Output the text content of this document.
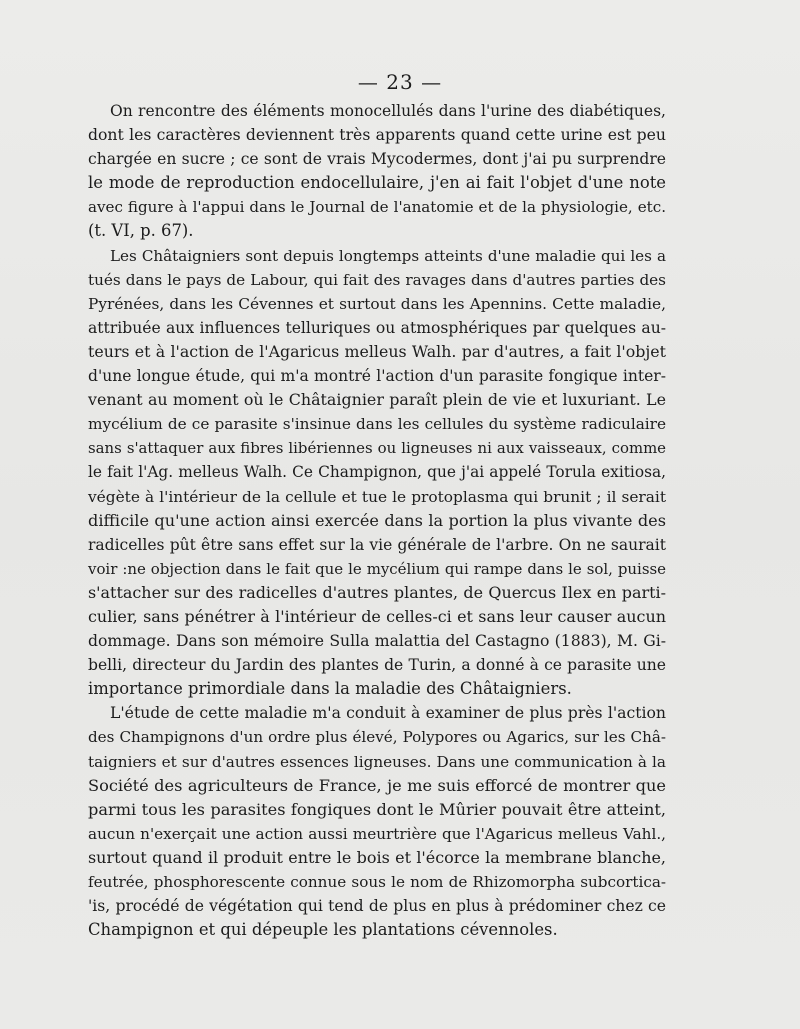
— 23 —
On rencontre des éléments monocellulés dans l'urine des diabétiques,
dont les caractères deviennent très apparents quand cette urine est peu
chargée en sucre ; ce sont de vrais Mycodermes, dont j'ai pu surprendre
le mode de reproduction endocellulaire, j'en ai fait l'objet d'une note
avec figure à l'appui dans le Journal de l'anatomie et de la physiologie, etc.
(t. VI, p. 67).
Les Châtaigniers sont depuis longtemps atteints d'une maladie qui les a
tués dans le pays de Labour, qui fait des ravages dans d'autres parties des
Pyrénées, dans les Cévennes et surtout dans les Apennins. Cette maladie,
attribuée aux influences telluriques ou atmosphériques par quelques au-
teurs et à l'action de l'Agaricus melleus Walh. par d'autres, a fait l'objet
d'une longue étude, qui m'a montré l'action d'un parasite fongique inter-
venant au moment où le Châtaignier paraît plein de vie et luxuriant. Le
mycélium de ce parasite s'insinue dans les cellules du système radiculaire
sans s'attaquer aux fibres libériennes ou ligneuses ni aux vaisseaux, comme
le fait l'Ag. melleus Walh. Ce Champignon, que j'ai appelé Torula exitiosa,
végète à l'intérieur de la cellule et tue le protoplasma qui brunit ; il serait
difficile qu'une action ainsi exercée dans la portion la plus vivante des
radicelles pût être sans effet sur la vie générale de l'arbre. On ne saurait
voir :ne objection dans le fait que le mycélium qui rampe dans le sol, puisse
s'attacher sur des radicelles d'autres plantes, de Quercus Ilex en parti-
culier, sans pénétrer à l'intérieur de celles-ci et sans leur causer aucun
dommage. Dans son mémoire Sulla malattia del Castagno (1883), M. Gi-
belli, directeur du Jardin des plantes de Turin, a donné à ce parasite une
importance primordiale dans la maladie des Châtaigniers.
L'étude de cette maladie m'a conduit à examiner de plus près l'action
des Champignons d'un ordre plus élevé, Polypores ou Agarics, sur les Châ-
taigniers et sur d'autres essences ligneuses. Dans une communication à la
Société des agriculteurs de France, je me suis efforcé de montrer que
parmi tous les parasites fongiques dont le Mûrier pouvait être atteint,
aucun n'exerçait une action aussi meurtrière que l'Agaricus melleus Vahl.,
surtout quand il produit entre le bois et l'écorce la membrane blanche,
feutrée, phosphorescente connue sous le nom de Rhizomorpha subcortica-
'is, procédé de végétation qui tend de plus en plus à prédominer chez ce
Champignon et qui dépeuple les plantations cévennoles.
